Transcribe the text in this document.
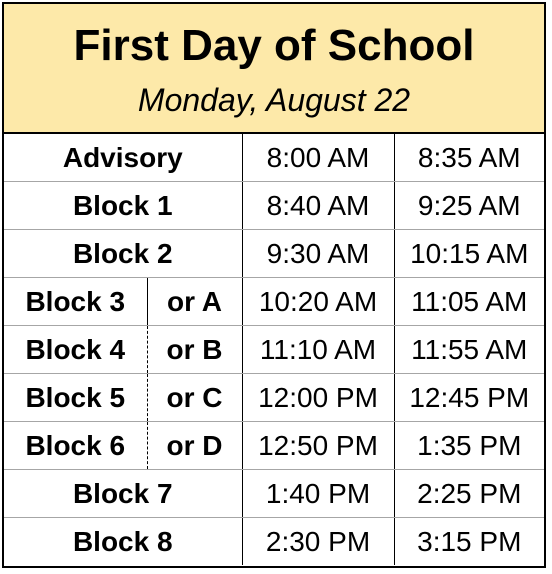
First Day of School
Monday, August 22
Advisory		8:00 AM	8:35 AM
Block 1		8:40 AM	9:25 AM
Block 2		9:30 AM	10:15 AM
Block 3	or A	10:20 AM	11:05 AM
Block 4	or B	11:10 AM	11:55 AM
Block 5	or C	12:00 PM	12:45 PM
Block 6	or D	12:50 PM	1:35 PM
Block 7		1:40 PM	2:25 PM
Block 8		2:30 PM	3:15 PM
